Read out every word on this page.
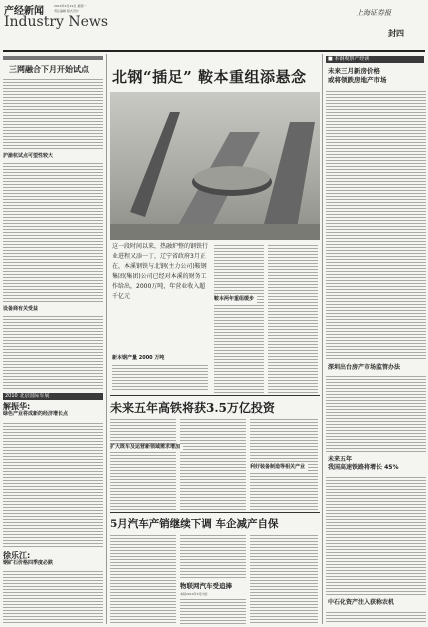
产经新闻	2010年4月19日 星期一
责任编辑 版式设计
Industry News
上海证券报
封四
三网融合下月开始试点
沪渝杭试点可望性较大
设备商有关受益
2010 北京国际车展
解振华:
绿色产业将成新的经济增长点
徐乐江:
钢矿石价格四季度必跌
北钢“插足” 鞍本重组添悬念
这一段时间以来，热融炉整的钢铁行业进程又添一丁，辽宁省政府3月正在，本溪钢铁与北钢(主力公司)鞍钢集团(集团)公司已经对本溪的财务工作给出，2000万吨，年营业收入超千亿元	鞍本两年重组缓步
新本钢产量 2000 万吨
■ 本钢观察产经读
未来三月新房价格
或将领跌房地产市场
深圳出台房产市场监管办法
未来五年
我国高速铁路将增长 45%
中石化资产注入获称农机
未来五年高铁将获3.5万亿投资
扩大既车及运营新领域需求增加
利好装备制造等相关产业
5月汽车产销继续下调 车企减产自保
物联网汽车受追捧
本版2010年3月内容
